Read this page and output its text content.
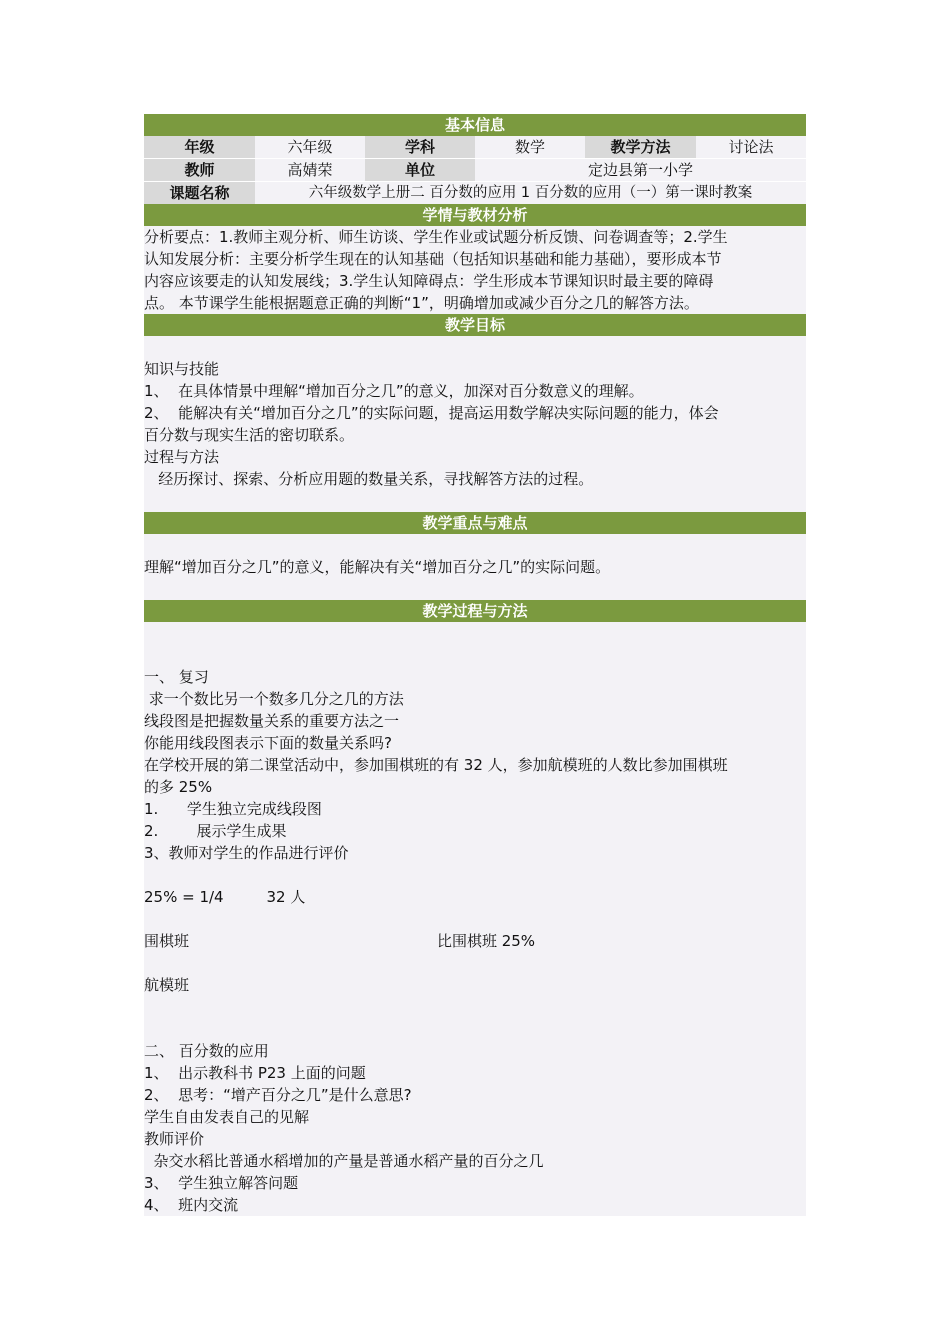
基本信息
年级	六年级	学科	数学	教学方法	讨论法
教师	高婧荣	单位	定边县第一小学
课题名称	六年级数学上册二 百分数的应用 1 百分数的应用（一）第一课时教案
学情与教材分析

分析要点：1.教师主观分析、师生访谈、学生作业或试题分析反馈、问卷调查等；2.学生

认知发展分析：主要分析学生现在的认知基础（包括知识基础和能力基础），要形成本节

内容应该要走的认知发展线；3.学生认知障碍点：学生形成本节课知识时最主要的障碍

点。 本节课学生能根据题意正确的判断“1”，明确增加或减少百分之几的解答方法。

教学目标

知识与技能

1、  在具体情景中理解“增加百分之几”的意义，加深对百分数意义的理解。

2、  能解决有关“增加百分之几”的实际问题，提高运用数学解决实际问题的能力，体会

百分数与现实生活的密切联系。

过程与方法

经历探讨、探索、分析应用题的数量关系，寻找解答方法的过程。

教学重点与难点

理解“增加百分之几”的意义，能解决有关“增加百分之几”的实际问题。

教学过程与方法

一、 复习

求一个数比另一个数多几分之几的方法

线段图是把握数量关系的重要方法之一

你能用线段图表示下面的数量关系吗?

在学校开展的第二课堂活动中，参加围棋班的有 32 人，参加航模班的人数比参加围棋班

的多 25%

1.      学生独立完成线段图

2.        展示学生成果

3、教师对学生的作品进行评价

25% = 1/4         32 人

围棋班                                                    比围棋班 25%

航模班

二、 百分数的应用

1、  出示教科书 P23 上面的问题

2、  思考：“增产百分之几”是什么意思?

学生自由发表自己的见解

教师评价

杂交水稻比普通水稻增加的产量是普通水稻产量的百分之几

3、  学生独立解答问题

4、  班内交流
